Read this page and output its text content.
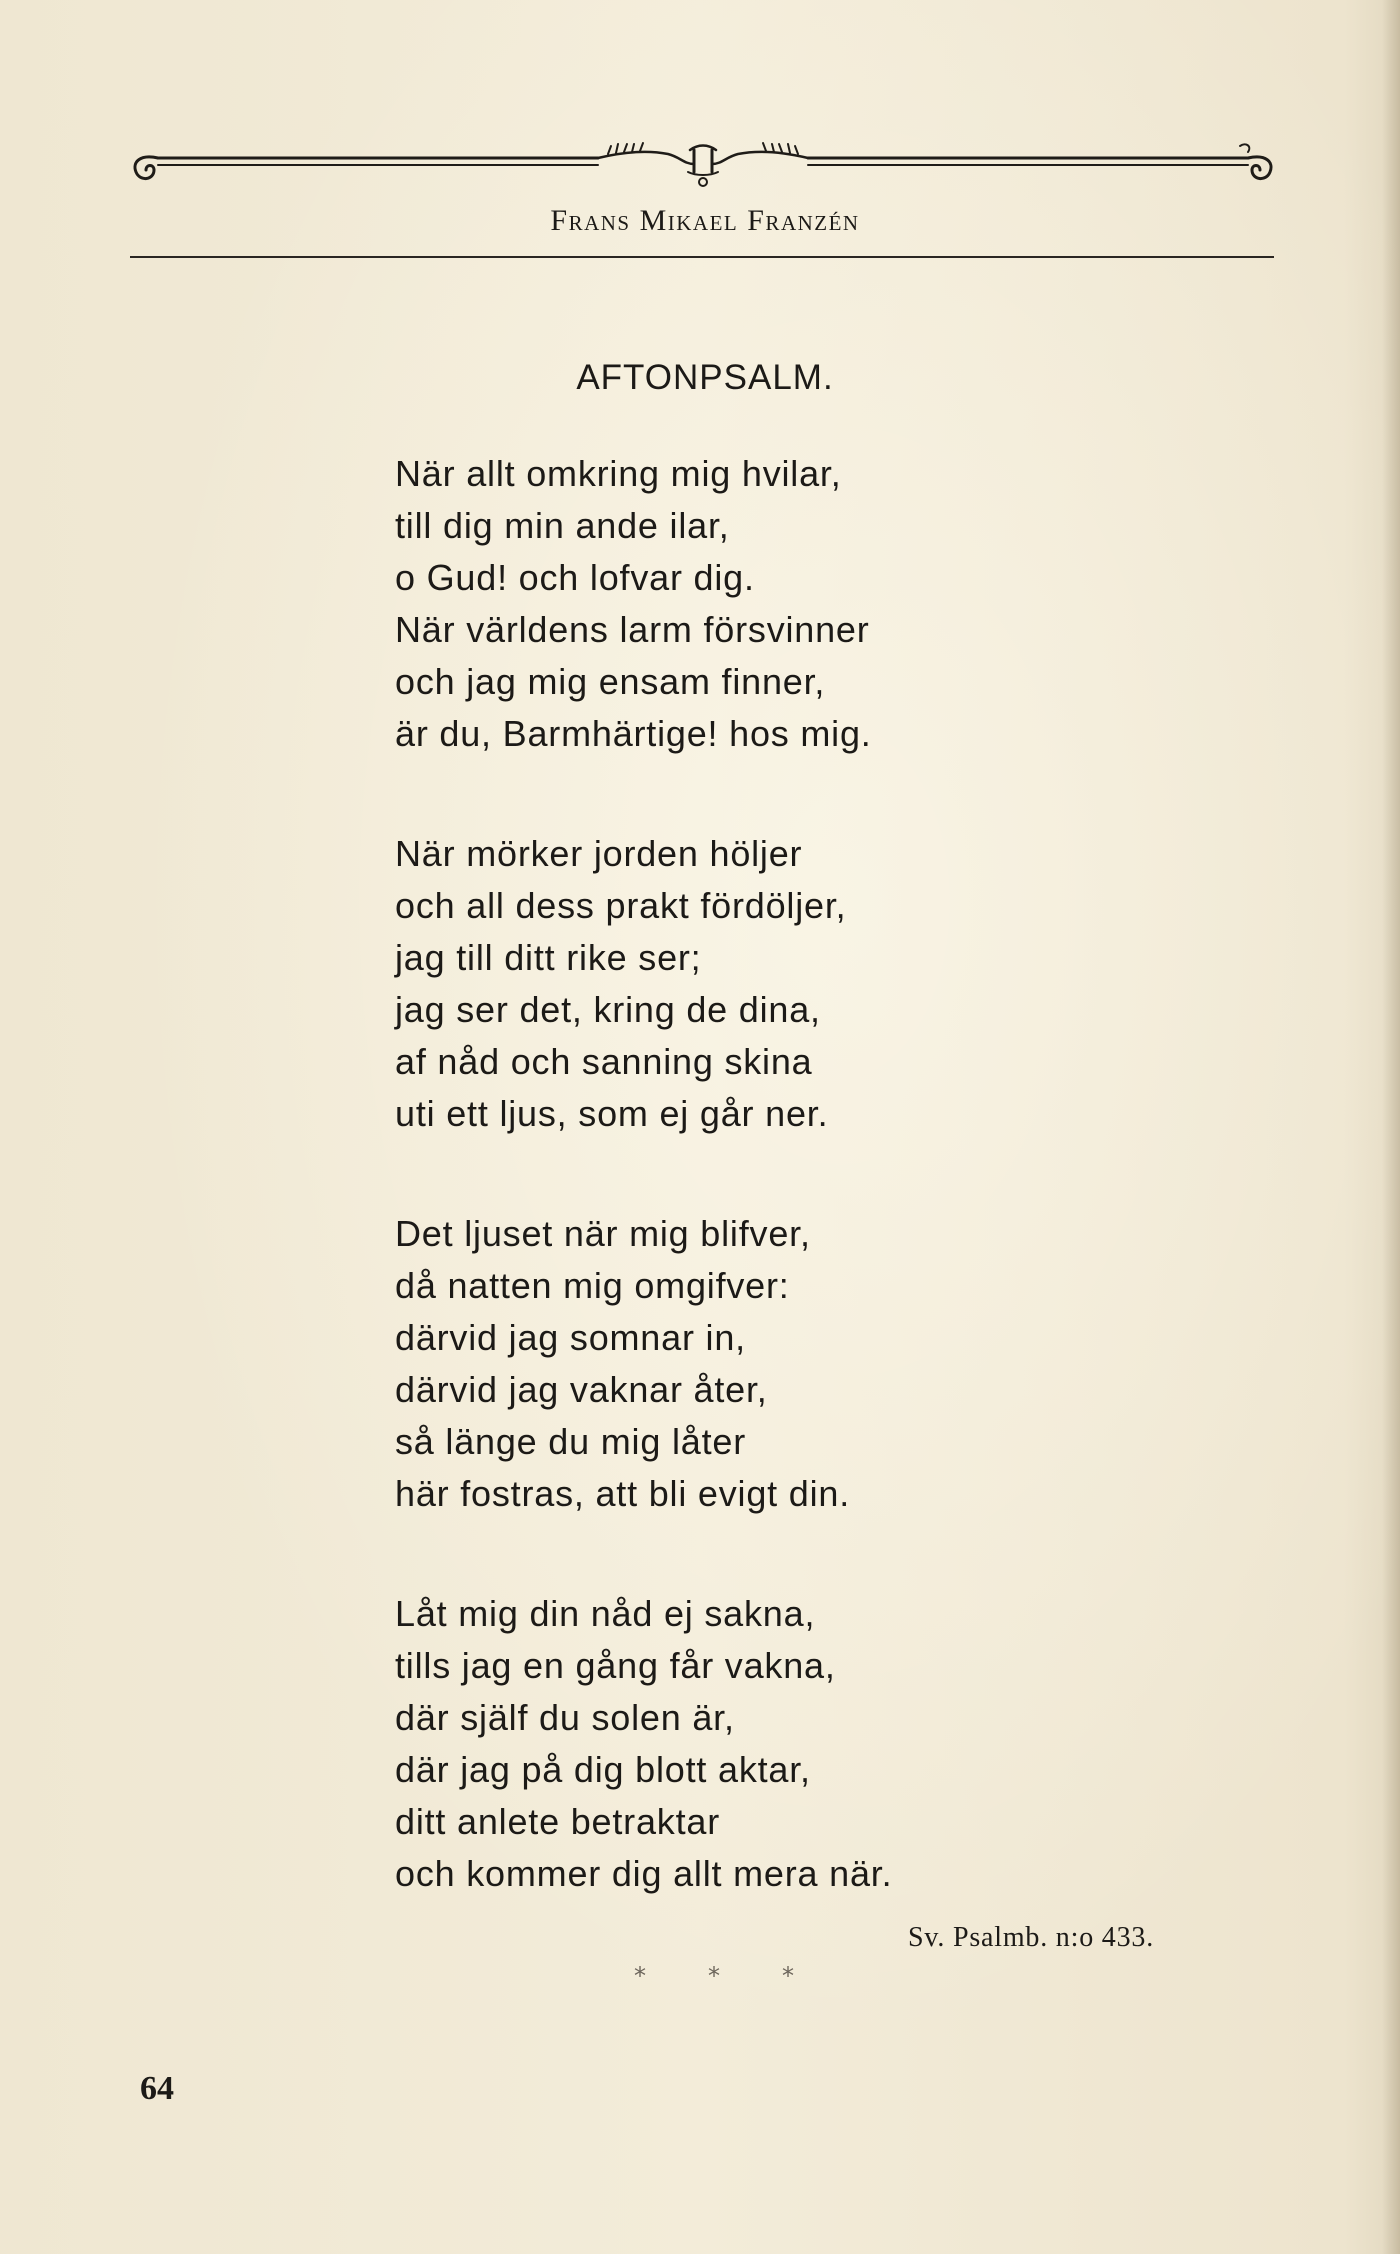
Frans Mikael Franzén
AFTONPSALM.
När allt omkring mig hvilar,
till dig min ande ilar,
o Gud! och lofvar dig.
När världens larm försvinner
och jag mig ensam finner,
är du, Barmhärtige! hos mig.
När mörker jorden höljer
och all dess prakt fördöljer,
jag till ditt rike ser;
jag ser det, kring de dina,
af nåd och sanning skina
uti ett ljus, som ej går ner.
Det ljuset när mig blifver,
då natten mig omgifver:
därvid jag somnar in,
därvid jag vaknar åter,
så länge du mig låter
här fostras, att bli evigt din.
Låt mig din nåd ej sakna,
tills jag en gång får vakna,
där själf du solen är,
där jag på dig blott aktar,
ditt anlete betraktar
och kommer dig allt mera när.
Sv. Psalmb. n:o 433.
*	*	*
64
